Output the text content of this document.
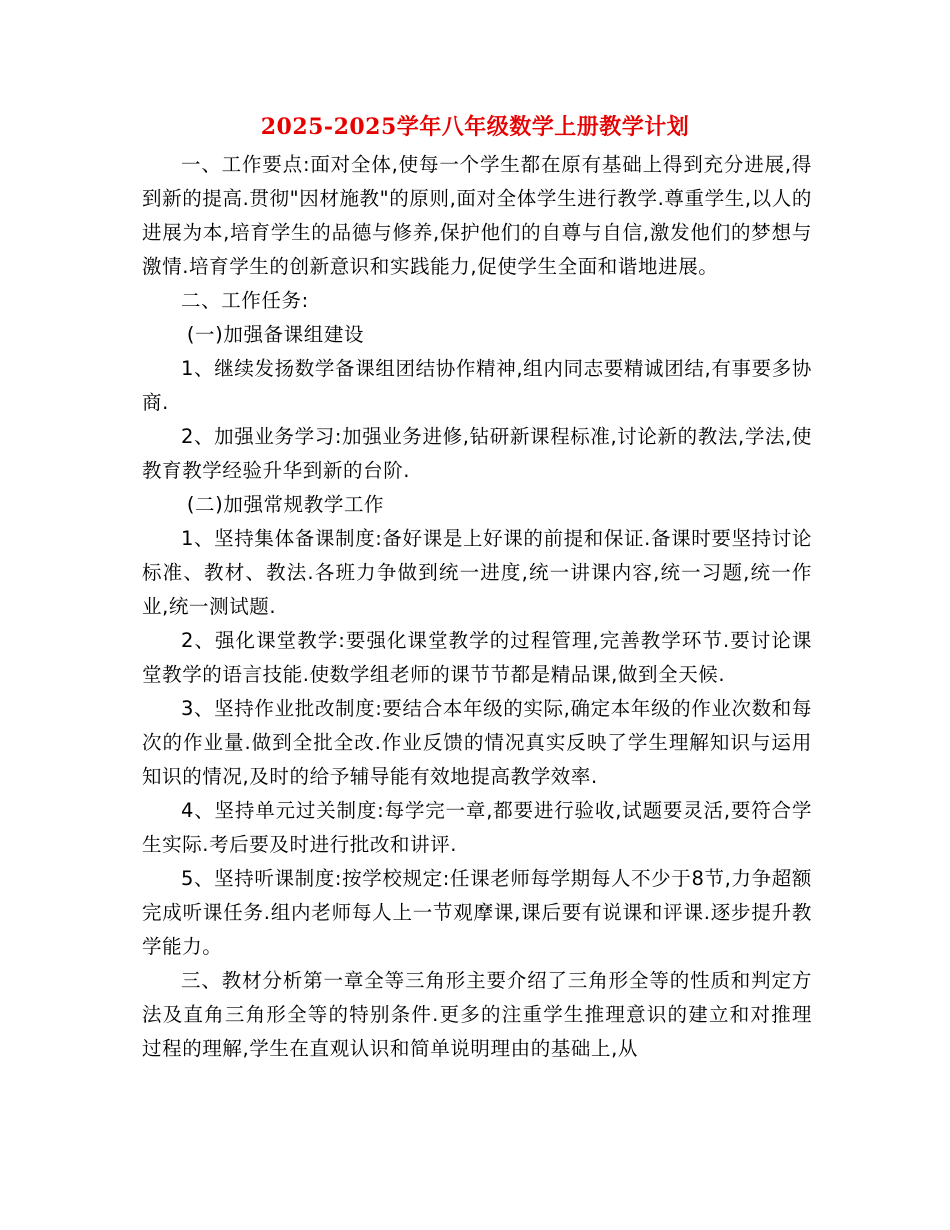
2025-2025学年八年级数学上册教学计划

一、工作要点:面对全体,使每一个学生都在原有基础上得到充分进展,得到新的提高.贯彻"因材施教"的原则,面对全体学生进行教学.尊重学生,以人的进展为本,培育学生的品德与修养,保护他们的自尊与自信,激发他们的梦想与激情.培育学生的创新意识和实践能力,促使学生全面和谐地进展。

二、工作任务:

(一)加强备课组建设

1、继续发扬数学备课组团结协作精神,组内同志要精诚团结,有事要多协商.

2、加强业务学习:加强业务进修,钻研新课程标准,讨论新的教法,学法,使教育教学经验升华到新的台阶.

(二)加强常规教学工作

1、坚持集体备课制度:备好课是上好课的前提和保证.备课时要坚持讨论标准、教材、教法.各班力争做到统一进度,统一讲课内容,统一习题,统一作业,统一测试题.

2、强化课堂教学:要强化课堂教学的过程管理,完善教学环节.要讨论课堂教学的语言技能.使数学组老师的课节节都是精品课,做到全天候.

3、坚持作业批改制度:要结合本年级的实际,确定本年级的作业次数和每次的作业量.做到全批全改.作业反馈的情况真实反映了学生理解知识与运用知识的情况,及时的给予辅导能有效地提高教学效率.

4、坚持单元过关制度:每学完一章,都要进行验收,试题要灵活,要符合学生实际.考后要及时进行批改和讲评.

5、坚持听课制度:按学校规定:任课老师每学期每人不少于8节,力争超额完成听课任务.组内老师每人上一节观摩课,课后要有说课和评课.逐步提升教学能力。

三、教材分析第一章全等三角形主要介绍了三角形全等的性质和判定方法及直角三角形全等的特别条件.更多的注重学生推理意识的建立和对推理过程的理解,学生在直观认识和简单说明理由的基础上,从
